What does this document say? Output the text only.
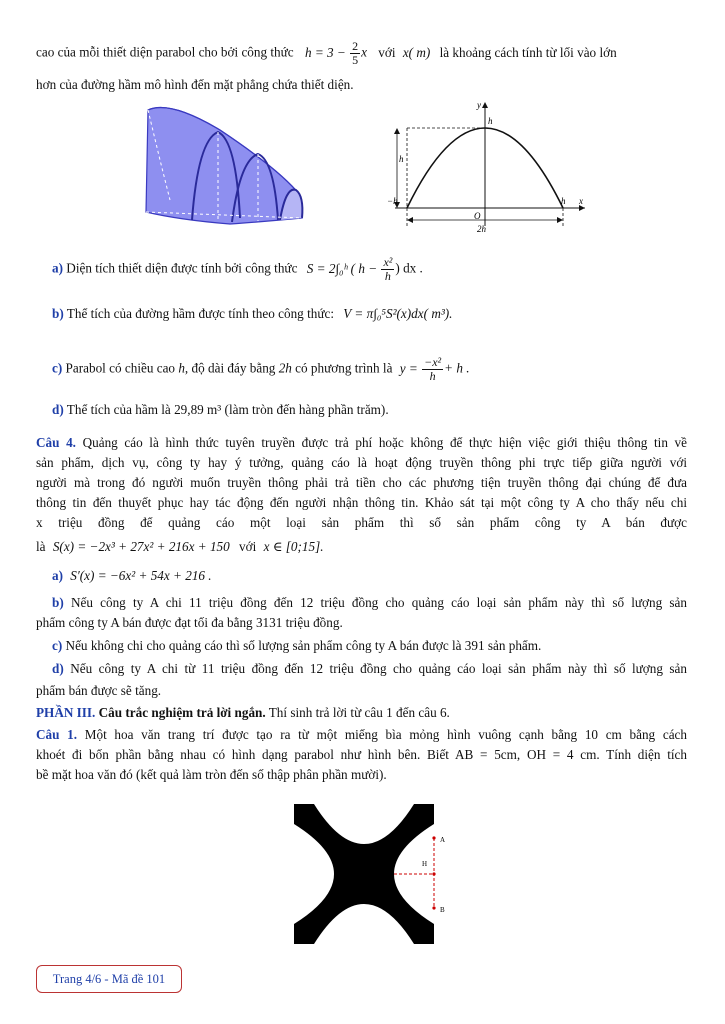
cao của mỗi thiết diện parabol cho bởi công thức $h = 3 - \frac{2}{5}$ x với x( m) là khoảng cách tính từ lối vào lớn
hơn của đường hầm mô hình đến mặt phẳng chứa thiết diện.
y
x
h
h
−h	h
O
2h
a) Diện tích thiết diện được tính bởi công thức S = 2∫₀ʰ ( $h - \frac{\text{x²}}{h}$ ) dx .
b) Thể tích của đường hầm được tính theo công thức: V = π∫₀⁵S²(x)dx( m³).
c) Parabol có chiều cao h, độ dài đáy bằng 2h có phương trình là $y = \frac{\text{−x²}}{h} + h$ .
d) Thể tích của hầm là 29,89 m³ (làm tròn đến hàng phần trăm).
Câu 4. Quảng cáo là hình thức tuyên truyền được trả phí hoặc không để thực hiện việc giới thiệu thông tin về
sản phẩm, dịch vụ, công ty hay ý tưởng, quảng cáo là hoạt động truyền thông phi trực tiếp giữa người với
người mà trong đó người muốn truyền thông phải trả tiền cho các phương tiện truyền thông đại chúng để đưa
thông tin đến thuyết phục hay tác động đến người nhận thông tin. Khảo sát tại một công ty A cho thấy nếu chi
x triệu đồng để quảng cáo một loại sản phẩm thì số sản phẩm công ty A bán được
là S(x) = −2x³ + 27x² + 216x + 150 với x ∈ [0;15].
a) S′(x) = −6x² + 54x + 216 .
b) Nếu công ty A chi 11 triệu đồng đến 12 triệu đồng cho quảng cáo loại sản phẩm này thì số lượng sản
phẩm công ty A bán được đạt tối đa bằng 3131 triệu đồng.
c) Nếu không chi cho quảng cáo thì số lượng sản phẩm công ty A bán được là 391 sản phẩm.
d) Nếu công ty A chi từ 11 triệu đồng đến 12 triệu đồng cho quảng cáo loại sản phẩm này thì số lượng sản
phẩm bán được sẽ tăng.
PHẦN III. Câu trắc nghiệm trả lời ngắn. Thí sinh trả lời từ câu 1 đến câu 6.
Câu 1. Một hoa văn trang trí được tạo ra từ một miếng bìa mỏng hình vuông cạnh bằng 10 cm bằng cách
khoét đi bốn phần bằng nhau có hình dạng parabol như hình bên. Biết AB = 5cm, OH = 4 cm. Tính diện tích
bề mặt hoa văn đó (kết quả làm tròn đến số thập phân phần mười).
A
B
O	H
Trang 4/6 - Mã đề 101
